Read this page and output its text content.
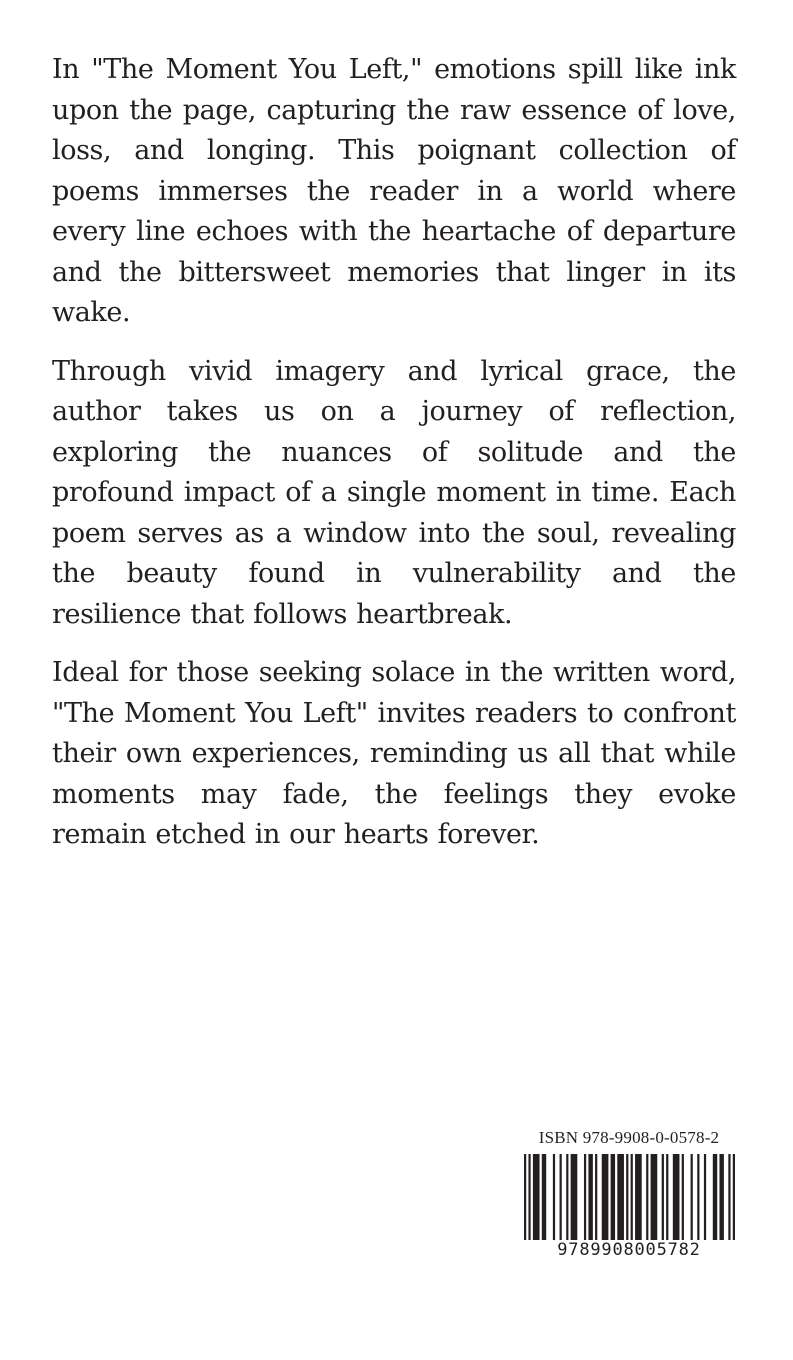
In "The Moment You Left," emotions spill like ink upon the page, capturing the raw essence of love, loss, and longing. This poignant collection of poems immerses the reader in a world where every line echoes with the heartache of departure and the bittersweet memories that linger in its wake.

Through vivid imagery and lyrical grace, the author takes us on a journey of reflection, exploring the nuances of solitude and the profound impact of a single moment in time. Each poem serves as a window into the soul, revealing the beauty found in vulnerability and the resilience that follows heartbreak.

Ideal for those seeking solace in the written word, "The Moment You Left" invites readers to confront their own experiences, reminding us all that while moments may fade, the feelings they evoke remain etched in our hearts forever.

ISBN 978-9908-0-0578-2
9789908005782
